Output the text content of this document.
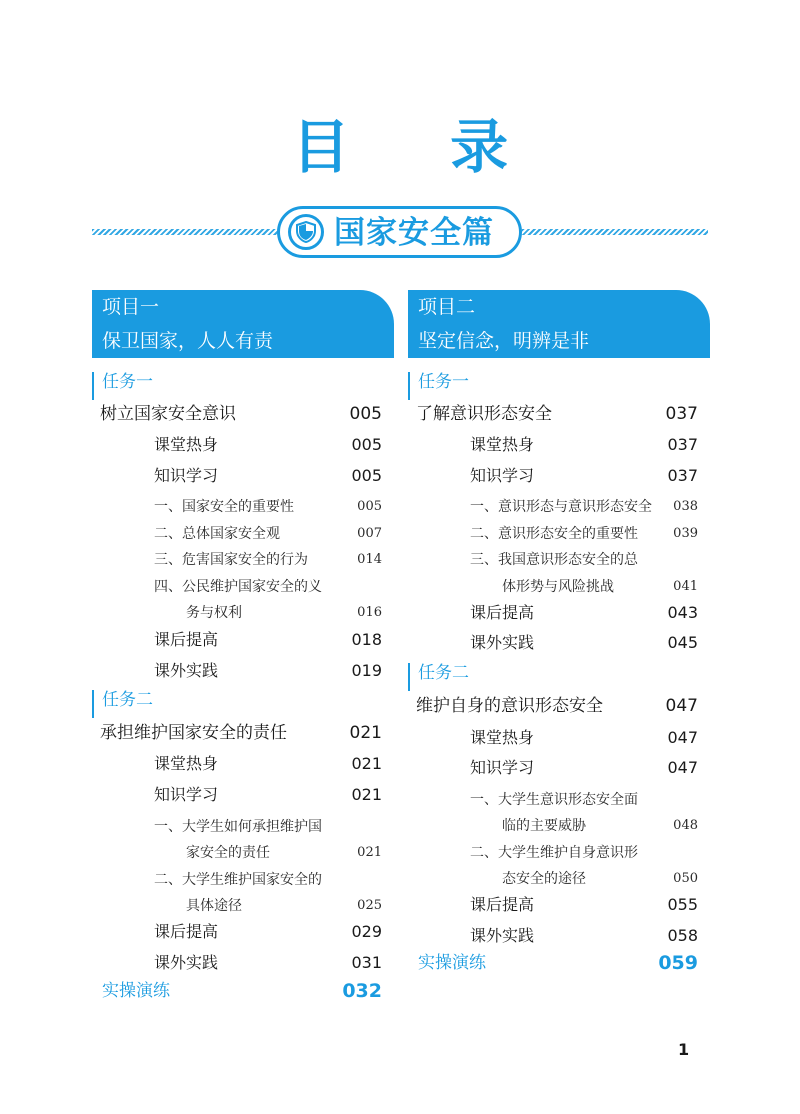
目 录
国家安全篇
项目一
保卫国家，人人有责
任务一
树立国家安全意识	005
课堂热身	005
知识学习	005
一、国家安全的重要性	005
二、总体国家安全观	007
三、危害国家安全的行为	014
四、公民维护国家安全的义
务与权利	016
课后提高	018
课外实践	019
任务二
承担维护国家安全的责任	021
课堂热身	021
知识学习	021
一、大学生如何承担维护国
家安全的责任	021
二、大学生维护国家安全的
具体途径	025
课后提高	029
课外实践	031
实操演练	032
项目二
坚定信念，明辨是非
任务一
了解意识形态安全	037
课堂热身	037
知识学习	037
一、意识形态与意识形态安全 038
二、意识形态安全的重要性	039
三、我国意识形态安全的总
体形势与风险挑战	041
课后提高	043
课外实践	045
任务二
维护自身的意识形态安全	047
课堂热身	047
知识学习	047
一、大学生意识形态安全面
临的主要威胁	048
二、大学生维护自身意识形
态安全的途径	050
课后提高	055
课外实践	058
实操演练	059
1
